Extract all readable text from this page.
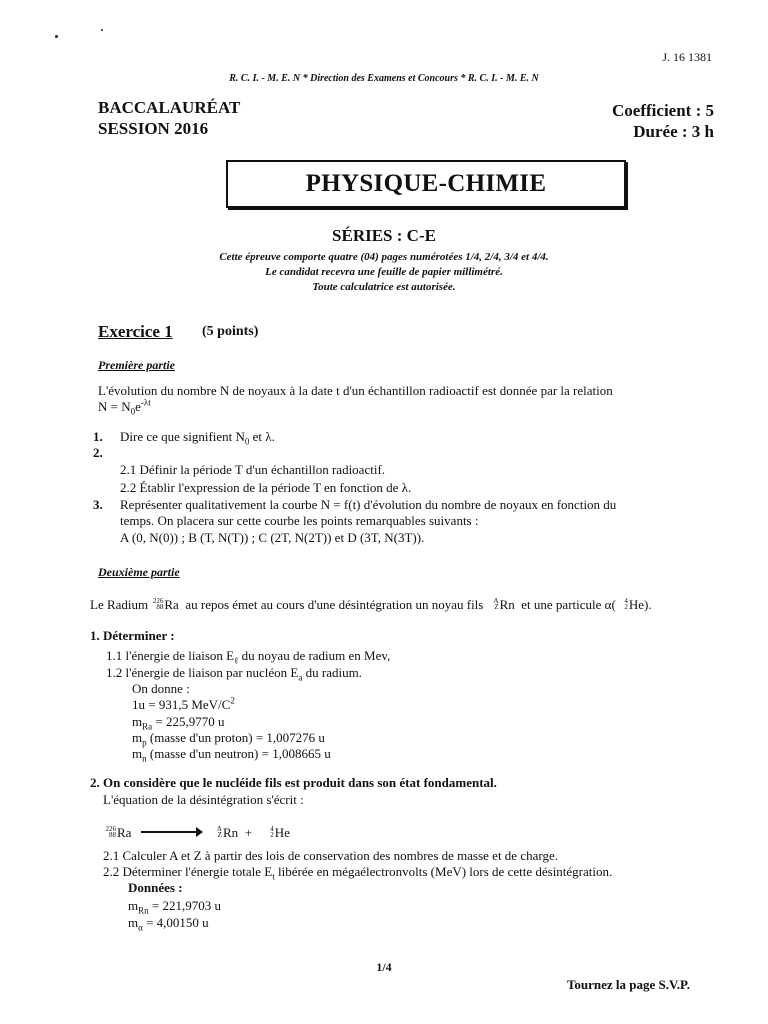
J. 16 1381
R. C. I. - M. E. N * Direction des Examens et Concours * R. C. I. - M. E. N
BACCALAURÉAT
SESSION 2016
Coefficient : 5
Durée : 3 h
PHYSIQUE-CHIMIE
SÉRIES : C-E
Cette épreuve comporte quatre (04) pages numérotées 1/4, 2/4, 3/4 et 4/4.
Le candidat recevra une feuille de papier millimétré.
Toute calculatrice est autorisée.
Exercice 1 (5 points)
Première partie
L'évolution du nombre N de noyaux à la date t d'un échantillon radioactif est donnée par la relation
$N = N_0e^{-\lambda t}$
1. Dire ce que signifient $N_0$ et λ.
2.
2.1 Définir la période T d'un échantillon radioactif.
2.2 Établir l'expression de la période T en fonction de λ.
3. Représenter qualitativement la courbe N = f(t) d'évolution du nombre de noyaux en fonction du
temps. On placera sur cette courbe les points remarquables suivants :
A (0, N(0)) ; B (T, N(T)) ; C (2T, N(2T)) et D (3T, N(3T)).
Deuxième partie
Le Radium 226
88 Ra au repos émet au cours d'une désintégration un noyau fils A
Z Rn et une particule α( 4
2 He).
1. Déterminer :
1.1 l'énergie de liaison $E_\ell$ du noyau de radium en Mev,
1.2 l'énergie de liaison par nucléon $E_a$ du radium.
On donne :
1u = 931,5 MeV/$C^2$
$m_{Ra} = 225,9770$ u
$m_p$ (masse d'un proton) = 1,007276 u
$m_n$ (masse d'un neutron) = 1,008665 u
2. On considère que le nucléide fils est produit dans son état fondamental.
L'équation de la désintégration s'écrit :
226
88 Ra	A
Z Rn +	4
2 He
2.1 Calculer A et Z à partir des lois de conservation des nombres de masse et de charge.
2.2 Déterminer l'énergie totale $E_t$ libérée en mégaélectronvolts (MeV) lors de cette désintégration.
Données :
$m_{Rn} = 221,9703$ u
$m_\alpha = 4,00150$ u
1/4
Tournez la page S.V.P.
